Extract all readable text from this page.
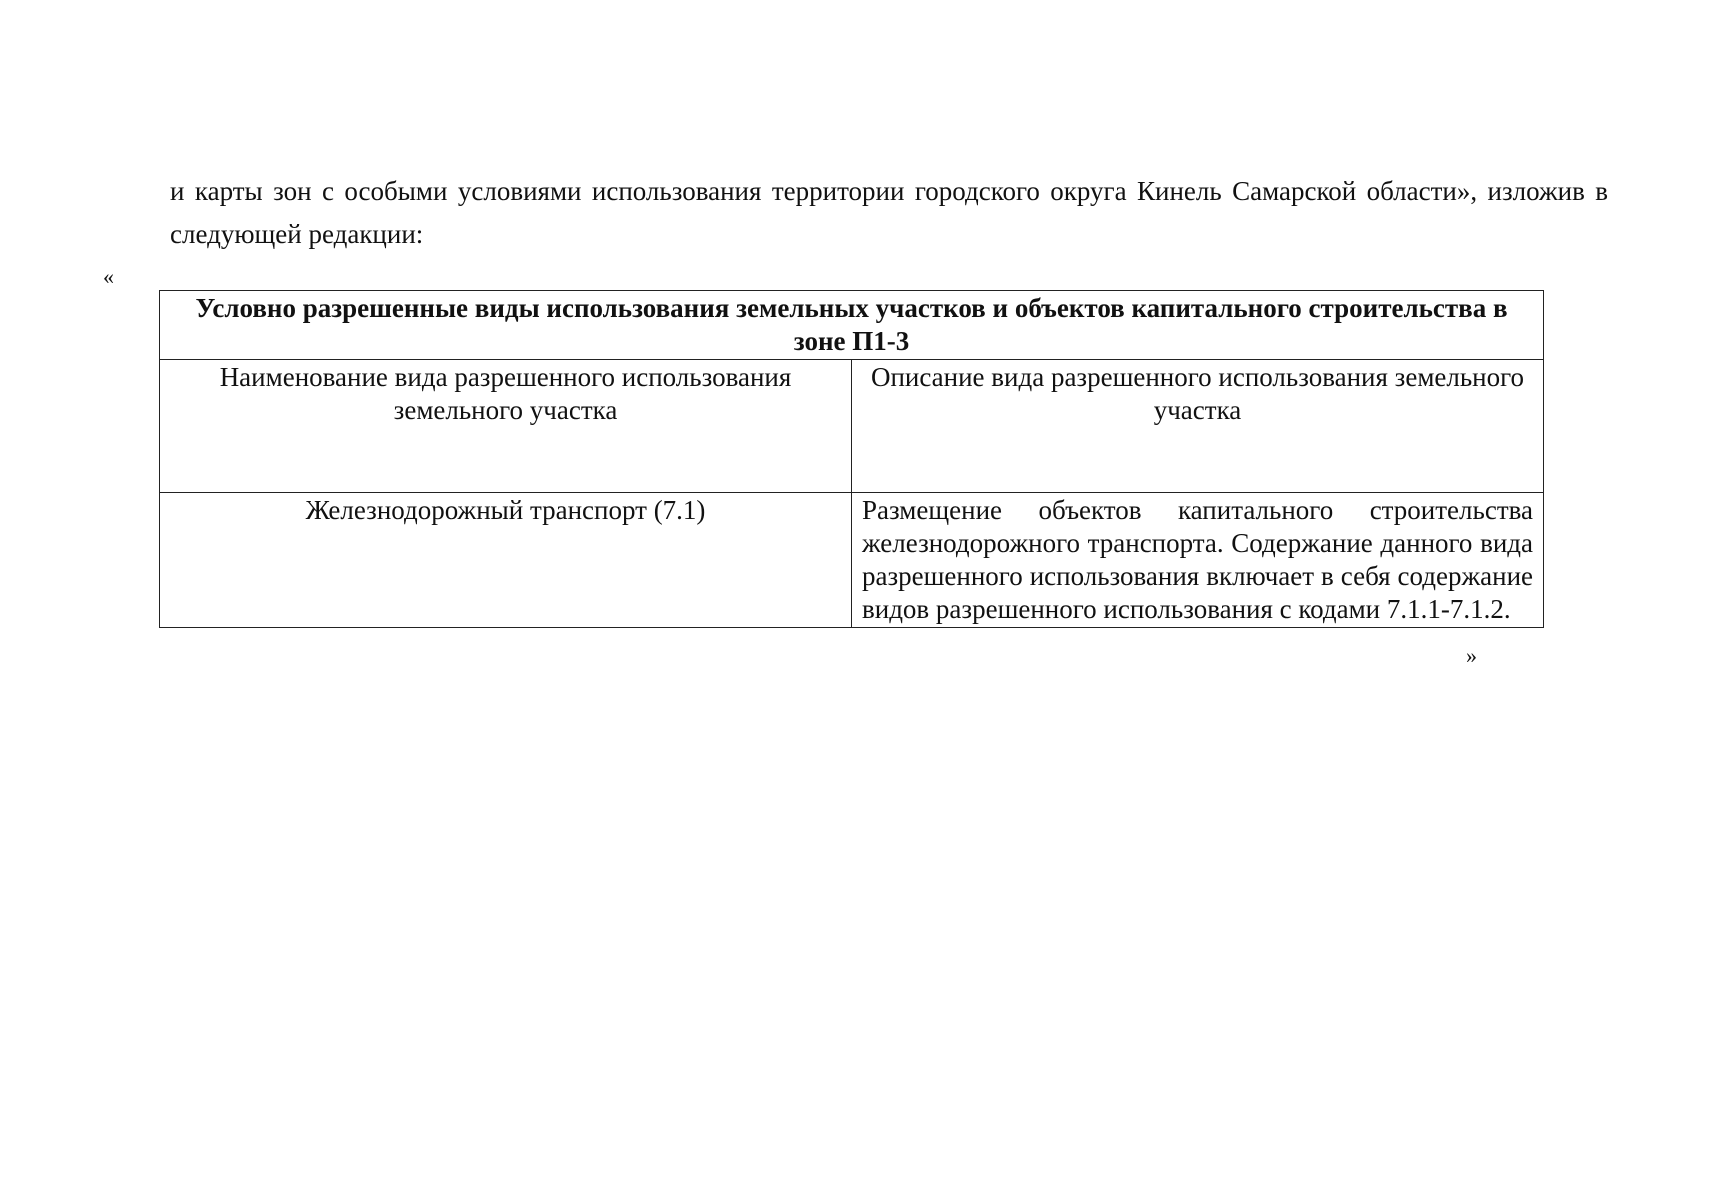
и карты зон с особыми условиями использования территории городского округа Кинель Самарской области», изложив в следующей редакции:

«
Условно разрешенные виды использования земельных участков и объектов капитального строительства в зоне П1-3	
Наименование вида разрешенного использования земельного участка	Описание вида разрешенного использования земельного участка
Железнодорожный транспорт (7.1)	Размещение объектов капитального строительства железнодорожного транспорта. Содержание данного вида разрешенного использования включает в себя содержание видов разрешенного использования с кодами 7.1.1-7.1.2.
»
